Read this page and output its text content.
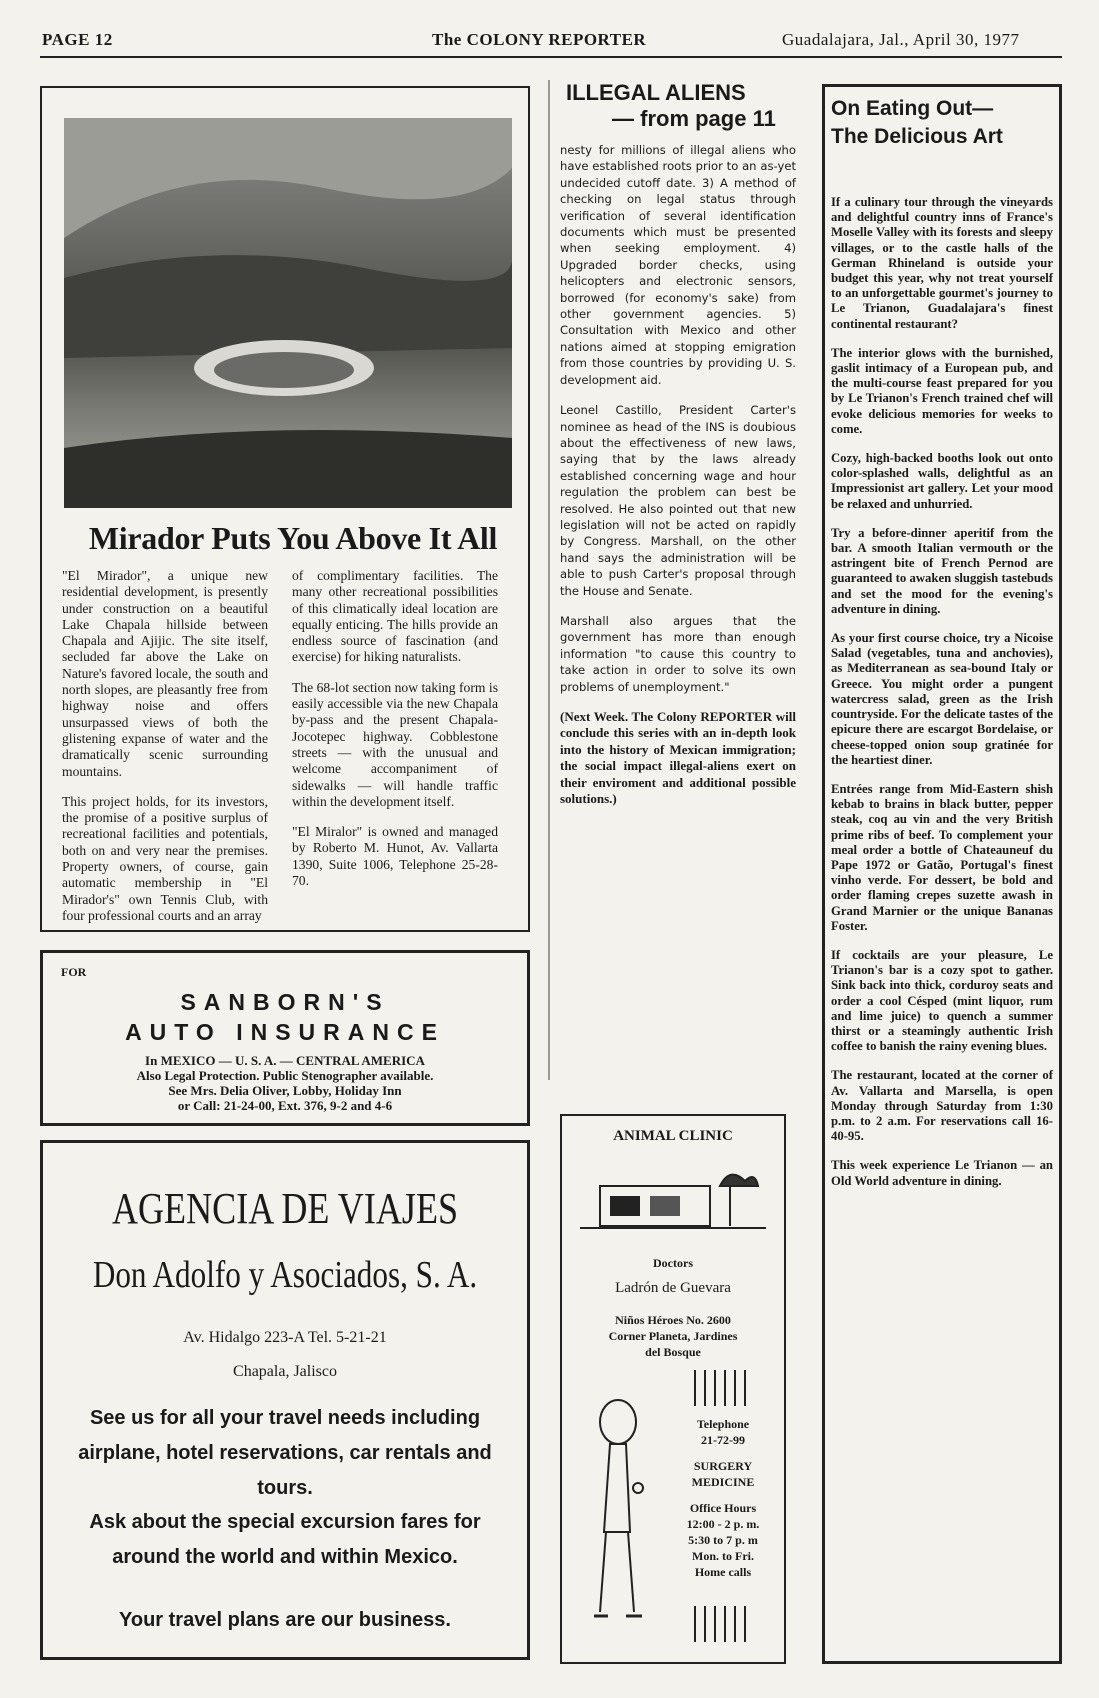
PAGE 12	The COLONY REPORTER	Guadalajara, Jal., April 30, 1977
Mirador Puts You Above It All

"El Mirador", a unique new residential development, is presently under construction on a beautiful Lake Chapala hillside between Chapala and Ajijic. The site itself, secluded far above the Lake on Nature's favored locale, the south and north slopes, are pleasantly free from highway noise and offers unsurpassed views of both the glistening expanse of water and the dramatically scenic surrounding mountains.

This project holds, for its investors, the promise of a positive surplus of recreational facilities and potentials, both on and very near the premises. Property owners, of course, gain automatic membership in "El Mirador's" own Tennis Club, with four professional courts and an array

of complimentary facilities. The many other recreational possibilities of this climatically ideal location are equally enticing. The hills provide an endless source of fascination (and exercise) for hiking naturalists.

The 68-lot section now taking form is easily accessible via the new Chapala by-pass and the present Chapala-Jocotepec highway. Cobblestone streets — with the unusual and welcome accompaniment of sidewalks — will handle traffic within the development itself.

"El Miralor" is owned and managed by Roberto M. Hunot, Av. Vallarta 1390, Suite 1006, Telephone 25-28-70.

FOR
SANBORN'S
AUTO INSURANCE
In MEXICO — U. S. A. — CENTRAL AMERICA
Also Legal Protection. Public Stenographer available.
See Mrs. Delia Oliver, Lobby, Holiday Inn
or Call: 21-24-00, Ext. 376, 9-2 and 4-6
AGENCIA DE VIAJES
Don Adolfo y Asociados, S. A.
Av. Hidalgo 223-A Tel. 5-21-21
Chapala, Jalisco
See us for all your travel needs including airplane, hotel reservations, car rentals and tours.
Ask about the special excursion fares for around the world and within Mexico.
Your travel plans are our business.
ILLEGAL ALIENS
— from page 11

nesty for millions of illegal aliens who have established roots prior to an as-yet undecided cutoff date. 3) A method of checking on legal status through verification of several identification documents which must be presented when seeking employment. 4) Upgraded border checks, using helicopters and electronic sensors, borrowed (for economy's sake) from other government agencies. 5) Consultation with Mexico and other nations aimed at stopping emigration from those countries by providing U. S. development aid.

Leonel Castillo, President Carter's nominee as head of the INS is doubious about the effectiveness of new laws, saying that by the laws already established concerning wage and hour regulation the problem can best be resolved. He also pointed out that new legislation will not be acted on rapidly by Congress. Marshall, on the other hand says the administration will be able to push Carter's proposal through the House and Senate.

Marshall also argues that the government has more than enough information "to cause this country to take action in order to solve its own problems of unemployment."

(Next Week. The Colony REPORTER will conclude this series with an in-depth look into the history of Mexican immigration; the social impact illegal-aliens exert on their enviroment and additional possible solutions.)

ANIMAL CLINIC
Doctors
Ladrón de Guevara
Niños Héroes No. 2600
Corner Planeta, Jardines
del Bosque
Telephone
21-72-99
SURGERY
MEDICINE
Office Hours
12:00 - 2 p. m.
5:30 to 7 p. m
Mon. to Fri.
Home calls
On Eating Out—
The Delicious Art

If a culinary tour through the vineyards and delightful country inns of France's Moselle Valley with its forests and sleepy villages, or to the castle halls of the German Rhineland is outside your budget this year, why not treat yourself to an unforgettable gourmet's journey to Le Trianon, Guadalajara's finest continental restaurant?

The interior glows with the burnished, gaslit intimacy of a European pub, and the multi-course feast prepared for you by Le Trianon's French trained chef will evoke delicious memories for weeks to come.

Cozy, high-backed booths look out onto color-splashed walls, delightful as an Impressionist art gallery. Let your mood be relaxed and unhurried.

Try a before-dinner aperitif from the bar. A smooth Italian vermouth or the astringent bite of French Pernod are guaranteed to awaken sluggish tastebuds and set the mood for the evening's adventure in dining.

As your first course choice, try a Nicoise Salad (vegetables, tuna and anchovies), as Mediterranean as sea-bound Italy or Greece. You might order a pungent watercress salad, green as the Irish countryside. For the delicate tastes of the epicure there are escargot Bordelaise, or cheese-topped onion soup gratinée for the heartiest diner.

Entrées range from Mid-Eastern shish kebab to brains in black butter, pepper steak, coq au vin and the very British prime ribs of beef. To complement your meal order a bottle of Chateauneuf du Pape 1972 or Gatão, Portugal's finest vinho verde. For dessert, be bold and order flaming crepes suzette awash in Grand Marnier or the unique Bananas Foster.

If cocktails are your pleasure, Le Trianon's bar is a cozy spot to gather. Sink back into thick, corduroy seats and order a cool Césped (mint liquor, rum and lime juice) to quench a summer thirst or a steamingly authentic Irish coffee to banish the rainy evening blues.

The restaurant, located at the corner of Av. Vallarta and Marsella, is open Monday through Saturday from 1:30 p.m. to 2 a.m. For reservations call 16-40-95.

This week experience Le Trianon — an Old World adventure in dining.
